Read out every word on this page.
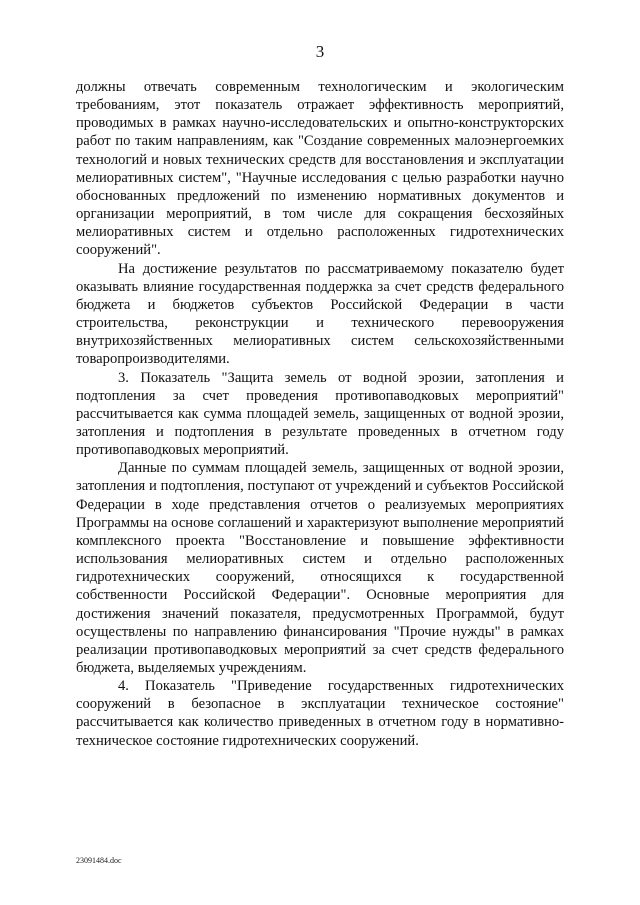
3

должны отвечать современным технологическим и экологическим требованиям, этот показатель отражает эффективность мероприятий, проводимых в рамках научно-исследовательских и опытно-конструкторских работ по таким направлениям, как "Создание современных малоэнергоемких технологий и новых технических средств для восстановления и эксплуатации мелиоративных систем", "Научные исследования с целью разработки научно обоснованных предложений по изменению нормативных документов и организации мероприятий, в том числе для сокращения бесхозяйных мелиоративных систем и отдельно расположенных гидротехнических сооружений".

На достижение результатов по рассматриваемому показателю будет оказывать влияние государственная поддержка за счет средств федерального бюджета и бюджетов субъектов Российской Федерации в части строительства, реконструкции и технического перевооружения внутрихозяйственных мелиоративных систем сельскохозяйственными товаропроизводителями.

3. Показатель "Защита земель от водной эрозии, затопления и подтопления за счет проведения противопаводковых мероприятий" рассчитывается как сумма площадей земель, защищенных от водной эрозии, затопления и подтопления в результате проведенных в отчетном году противопаводковых мероприятий.

Данные по суммам площадей земель, защищенных от водной эрозии, затопления и подтопления, поступают от учреждений и субъектов Российской Федерации в ходе представления отчетов о реализуемых мероприятиях Программы на основе соглашений и характеризуют выполнение мероприятий комплексного проекта "Восстановление и повышение эффективности использования мелиоративных систем и отдельно расположенных гидротехнических сооружений, относящихся к государственной собственности Российской Федерации". Основные мероприятия для достижения значений показателя, предусмотренных Программой, будут осуществлены по направлению финансирования "Прочие нужды" в рамках реализации противопаводковых мероприятий за счет средств федерального бюджета, выделяемых учреждениям.

4. Показатель "Приведение государственных гидротехнических сооружений в безопасное в эксплуатации техническое состояние" рассчитывается как количество приведенных в отчетном году в нормативно-техническое состояние гидротехнических сооружений.

23091484.doc
